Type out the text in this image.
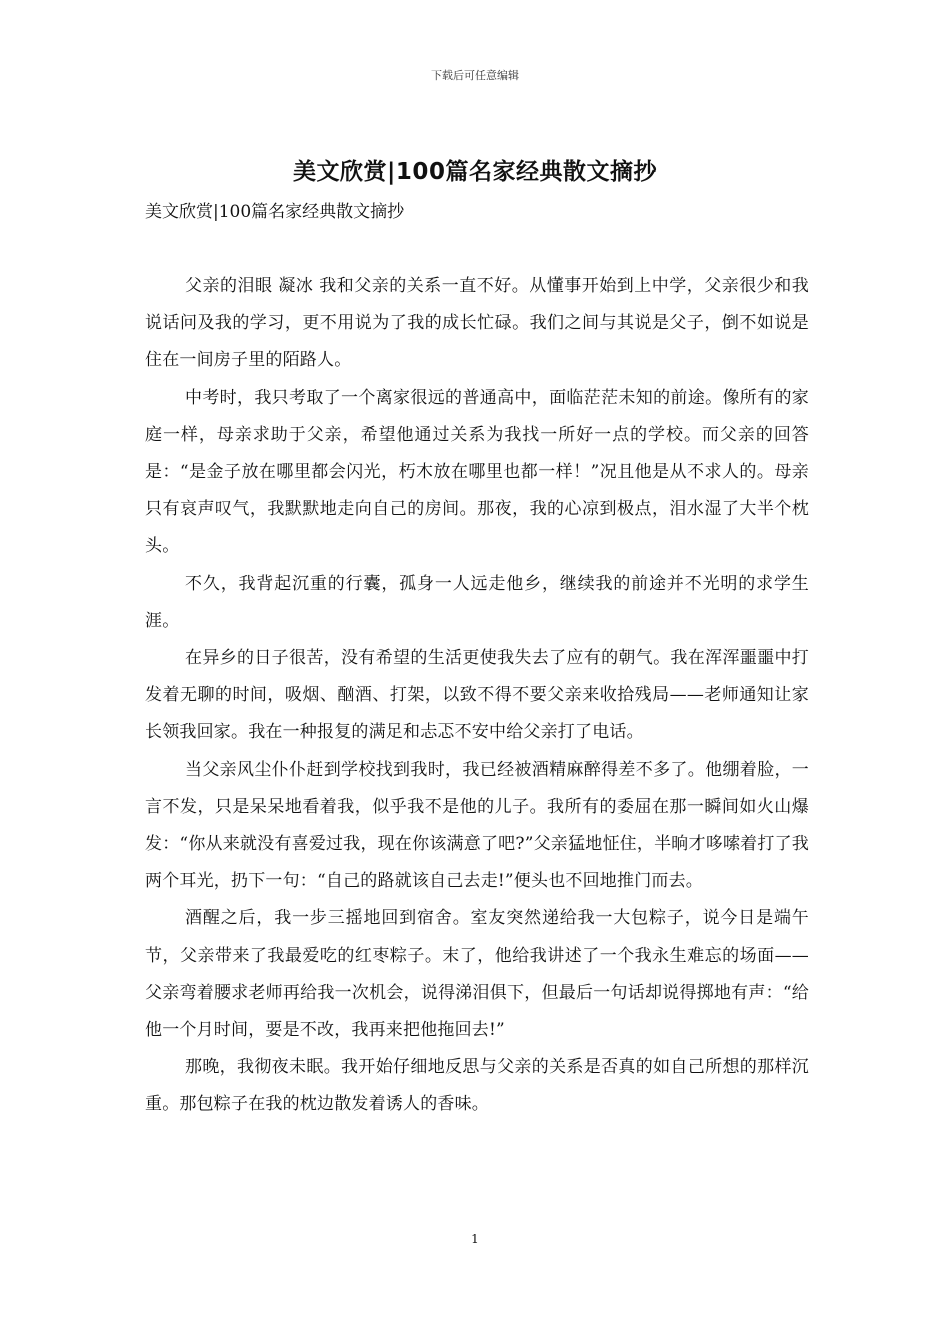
下载后可任意编辑
美文欣赏|100篇名家经典散文摘抄
美文欣赏|100篇名家经典散文摘抄

父亲的泪眼 凝冰 我和父亲的关系一直不好。从懂事开始到上中学，父亲很少和我说话问及我的学习，更不用说为了我的成长忙碌。我们之间与其说是父子，倒不如说是住在一间房子里的陌路人。

中考时，我只考取了一个离家很远的普通高中，面临茫茫未知的前途。像所有的家庭一样，母亲求助于父亲，希望他通过关系为我找一所好一点的学校。而父亲的回答是：“是金子放在哪里都会闪光，朽木放在哪里也都一样！”况且他是从不求人的。母亲只有哀声叹气，我默默地走向自己的房间。那夜，我的心凉到极点，泪水湿了大半个枕头。

不久，我背起沉重的行囊，孤身一人远走他乡，继续我的前途并不光明的求学生涯。

在异乡的日子很苦，没有希望的生活更使我失去了应有的朝气。我在浑浑噩噩中打发着无聊的时间，吸烟、酗酒、打架，以致不得不要父亲来收拾残局——老师通知让家长领我回家。我在一种报复的满足和忐忑不安中给父亲打了电话。

当父亲风尘仆仆赶到学校找到我时，我已经被酒精麻醉得差不多了。他绷着脸，一言不发，只是呆呆地看着我，似乎我不是他的儿子。我所有的委屈在那一瞬间如火山爆发：“你从来就没有喜爱过我，现在你该满意了吧?”父亲猛地怔住，半晌才哆嗦着打了我两个耳光，扔下一句：“自己的路就该自己去走!”便头也不回地推门而去。

酒醒之后，我一步三摇地回到宿舍。室友突然递给我一大包粽子，说今日是端午节，父亲带来了我最爱吃的红枣粽子。末了，他给我讲述了一个我永生难忘的场面——父亲弯着腰求老师再给我一次机会，说得涕泪俱下，但最后一句话却说得掷地有声：“给他一个月时间，要是不改，我再来把他拖回去!”

那晚，我彻夜未眠。我开始仔细地反思与父亲的关系是否真的如自己所想的那样沉重。那包粽子在我的枕边散发着诱人的香味。

1
